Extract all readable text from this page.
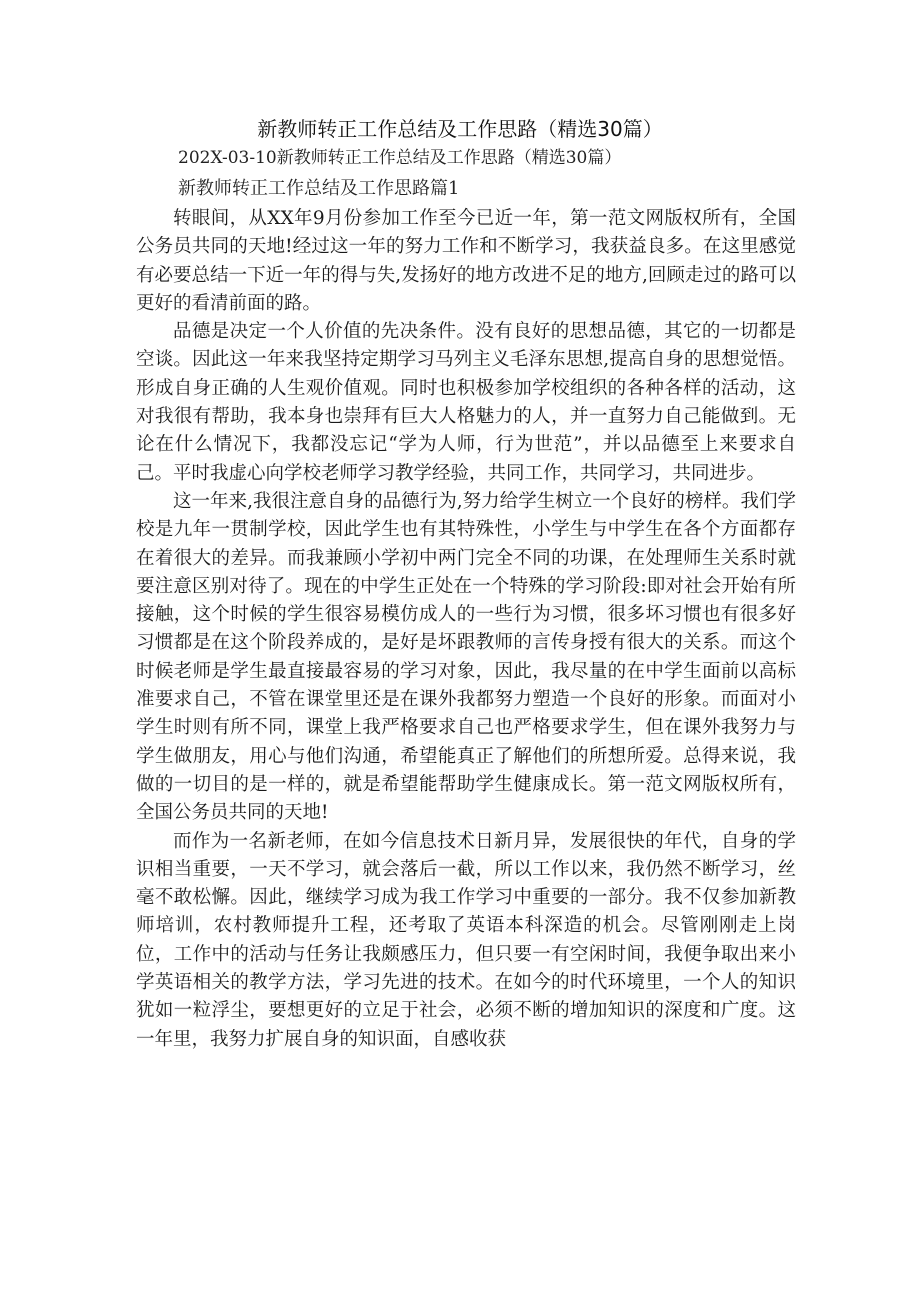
新教师转正工作总结及工作思路（精选30篇）
202X-03-10新教师转正工作总结及工作思路（精选30篇）
新教师转正工作总结及工作思路篇1

转眼间，从XX年9月份参加工作至今已近一年，第一范文网版权所有，全国公务员共同的天地!经过这一年的努力工作和不断学习，我获益良多。在这里感觉有必要总结一下近一年的得与失,发扬好的地方改进不足的地方,回顾走过的路可以更好的看清前面的路。

品德是决定一个人价值的先决条件。没有良好的思想品德，其它的一切都是空谈。因此这一年来我坚持定期学习马列主义毛泽东思想,提高自身的思想觉悟。形成自身正确的人生观价值观。同时也积极参加学校组织的各种各样的活动，这对我很有帮助，我本身也崇拜有巨大人格魅力的人，并一直努力自己能做到。无论在什么情况下，我都没忘记“学为人师，行为世范”，并以品德至上来要求自己。平时我虚心向学校老师学习教学经验，共同工作，共同学习，共同进步。

这一年来,我很注意自身的品德行为,努力给学生树立一个良好的榜样。我们学校是九年一贯制学校，因此学生也有其特殊性，小学生与中学生在各个方面都存在着很大的差异。而我兼顾小学初中两门完全不同的功课，在处理师生关系时就要注意区别对待了。现在的中学生正处在一个特殊的学习阶段:即对社会开始有所接触，这个时候的学生很容易模仿成人的一些行为习惯，很多坏习惯也有很多好习惯都是在这个阶段养成的，是好是坏跟教师的言传身授有很大的关系。而这个时候老师是学生最直接最容易的学习对象，因此，我尽量的在中学生面前以高标准要求自己，不管在课堂里还是在课外我都努力塑造一个良好的形象。而面对小学生时则有所不同，课堂上我严格要求自己也严格要求学生，但在课外我努力与学生做朋友，用心与他们沟通，希望能真正了解他们的所想所爱。总得来说，我做的一切目的是一样的，就是希望能帮助学生健康成长。第一范文网版权所有，全国公务员共同的天地!

而作为一名新老师，在如今信息技术日新月异，发展很快的年代，自身的学识相当重要，一天不学习，就会落后一截，所以工作以来，我仍然不断学习，丝毫不敢松懈。因此，继续学习成为我工作学习中重要的一部分。我不仅参加新教师培训，农村教师提升工程，还考取了英语本科深造的机会。尽管刚刚走上岗位，工作中的活动与任务让我颇感压力，但只要一有空闲时间，我便争取出来小学英语相关的教学方法，学习先进的技术。在如今的时代环境里，一个人的知识犹如一粒浮尘，要想更好的立足于社会，必须不断的增加知识的深度和广度。这一年里，我努力扩展自身的知识面，自感收获
